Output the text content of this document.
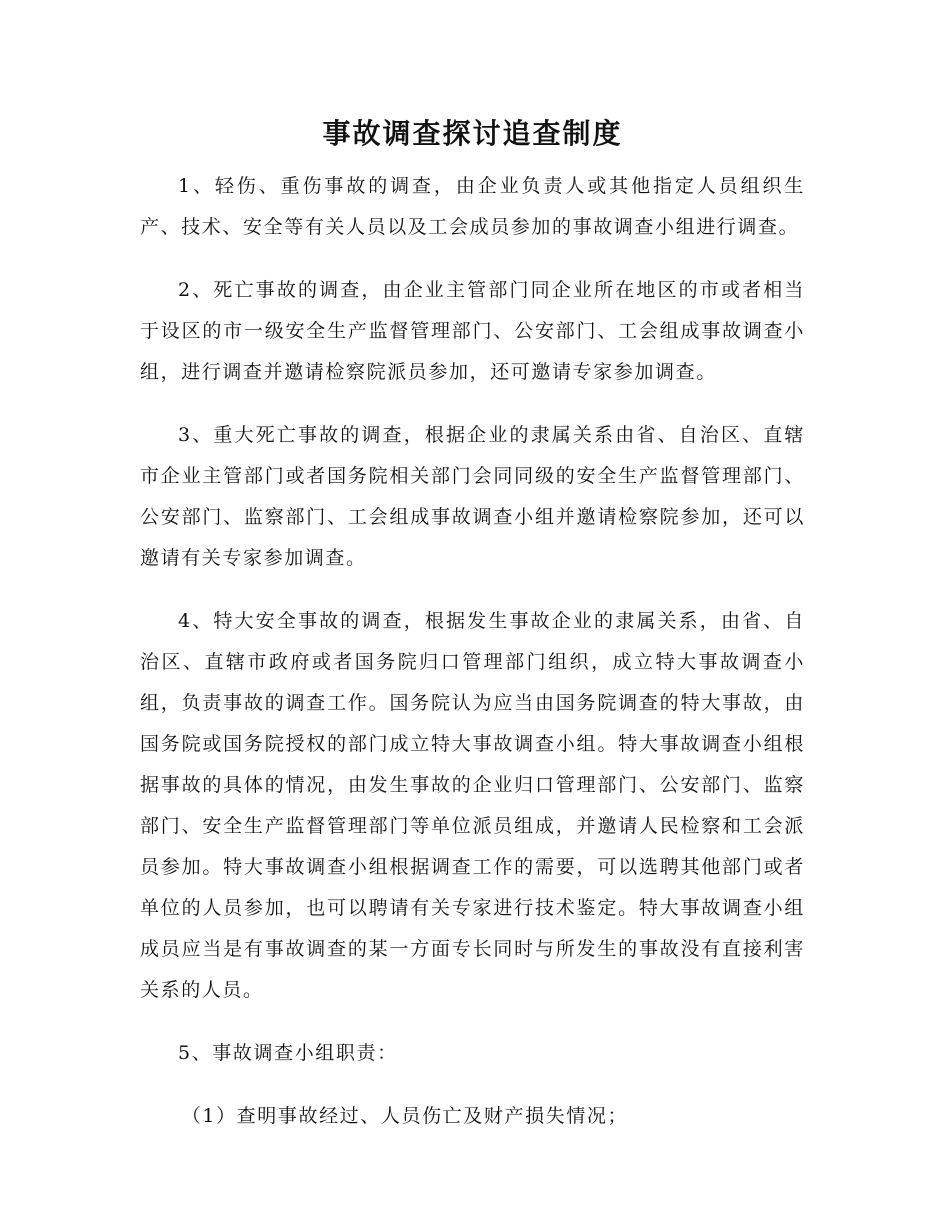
事故调查探讨追查制度

1、轻伤、重伤事故的调查，由企业负责人或其他指定人员组织生产、技术、安全等有关人员以及工会成员参加的事故调查小组进行调查。

2、死亡事故的调查，由企业主管部门同企业所在地区的市或者相当于设区的市一级安全生产监督管理部门、公安部门、工会组成事故调查小组，进行调查并邀请检察院派员参加，还可邀请专家参加调查。

3、重大死亡事故的调查，根据企业的隶属关系由省、自治区、直辖市企业主管部门或者国务院相关部门会同同级的安全生产监督管理部门、公安部门、监察部门、工会组成事故调查小组并邀请检察院参加，还可以邀请有关专家参加调查。

4、特大安全事故的调查，根据发生事故企业的隶属关系，由省、自治区、直辖市政府或者国务院归口管理部门组织，成立特大事故调查小组，负责事故的调查工作。国务院认为应当由国务院调查的特大事故，由国务院或国务院授权的部门成立特大事故调查小组。特大事故调查小组根据事故的具体的情况，由发生事故的企业归口管理部门、公安部门、监察部门、安全生产监督管理部门等单位派员组成，并邀请人民检察和工会派员参加。特大事故调查小组根据调查工作的需要，可以选聘其他部门或者单位的人员参加，也可以聘请有关专家进行技术鉴定。特大事故调查小组成员应当是有事故调查的某一方面专长同时与所发生的事故没有直接利害关系的人员。

5、事故调查小组职责：

（1）查明事故经过、人员伤亡及财产损失情况；
